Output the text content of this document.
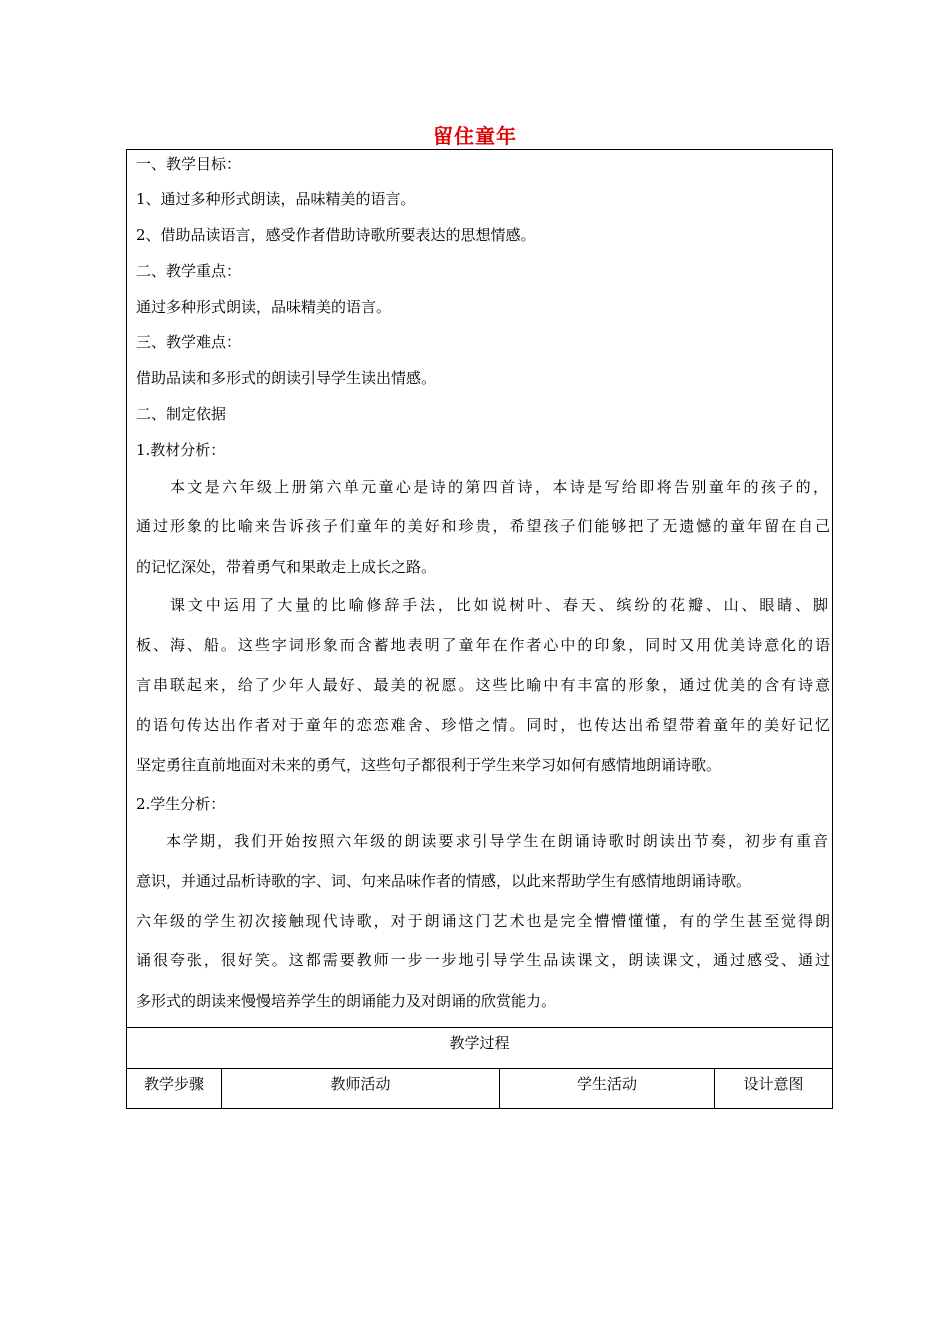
留住童年
一、教学目标：
1、通过多种形式朗读，品味精美的语言。
2、借助品读语言，感受作者借助诗歌所要表达的思想情感。
二、教学重点：
通过多种形式朗读，品味精美的语言。
三、教学难点：
借助品读和多形式的朗读引导学生读出情感。
二、制定依据
1.教材分析：
本文是六年级上册第六单元童心是诗的第四首诗，本诗是写给即将告别童年的孩子的，
通过形象的比喻来告诉孩子们童年的美好和珍贵，希望孩子们能够把了无遗憾的童年留在自己
的记忆深处，带着勇气和果敢走上成长之路。
课文中运用了大量的比喻修辞手法，比如说树叶、春天、缤纷的花瓣、山、眼睛、脚
板、海、船。这些字词形象而含蓄地表明了童年在作者心中的印象，同时又用优美诗意化的语
言串联起来，给了少年人最好、最美的祝愿。这些比喻中有丰富的形象，通过优美的含有诗意
的语句传达出作者对于童年的恋恋难舍、珍惜之情。同时，也传达出希望带着童年的美好记忆
坚定勇往直前地面对未来的勇气，这些句子都很利于学生来学习如何有感情地朗诵诗歌。
2.学生分析：
本学期，我们开始按照六年级的朗读要求引导学生在朗诵诗歌时朗读出节奏，初步有重音
意识，并通过品析诗歌的字、词、句来品味作者的情感，以此来帮助学生有感情地朗诵诗歌。
六年级的学生初次接触现代诗歌，对于朗诵这门艺术也是完全懵懵懂懂，有的学生甚至觉得朗
诵很夸张，很好笑。这都需要教师一步一步地引导学生品读课文，朗读课文，通过感受、通过
多形式的朗读来慢慢培养学生的朗诵能力及对朗诵的欣赏能力。
教学过程
教学步骤	教师活动	学生活动	设计意图
